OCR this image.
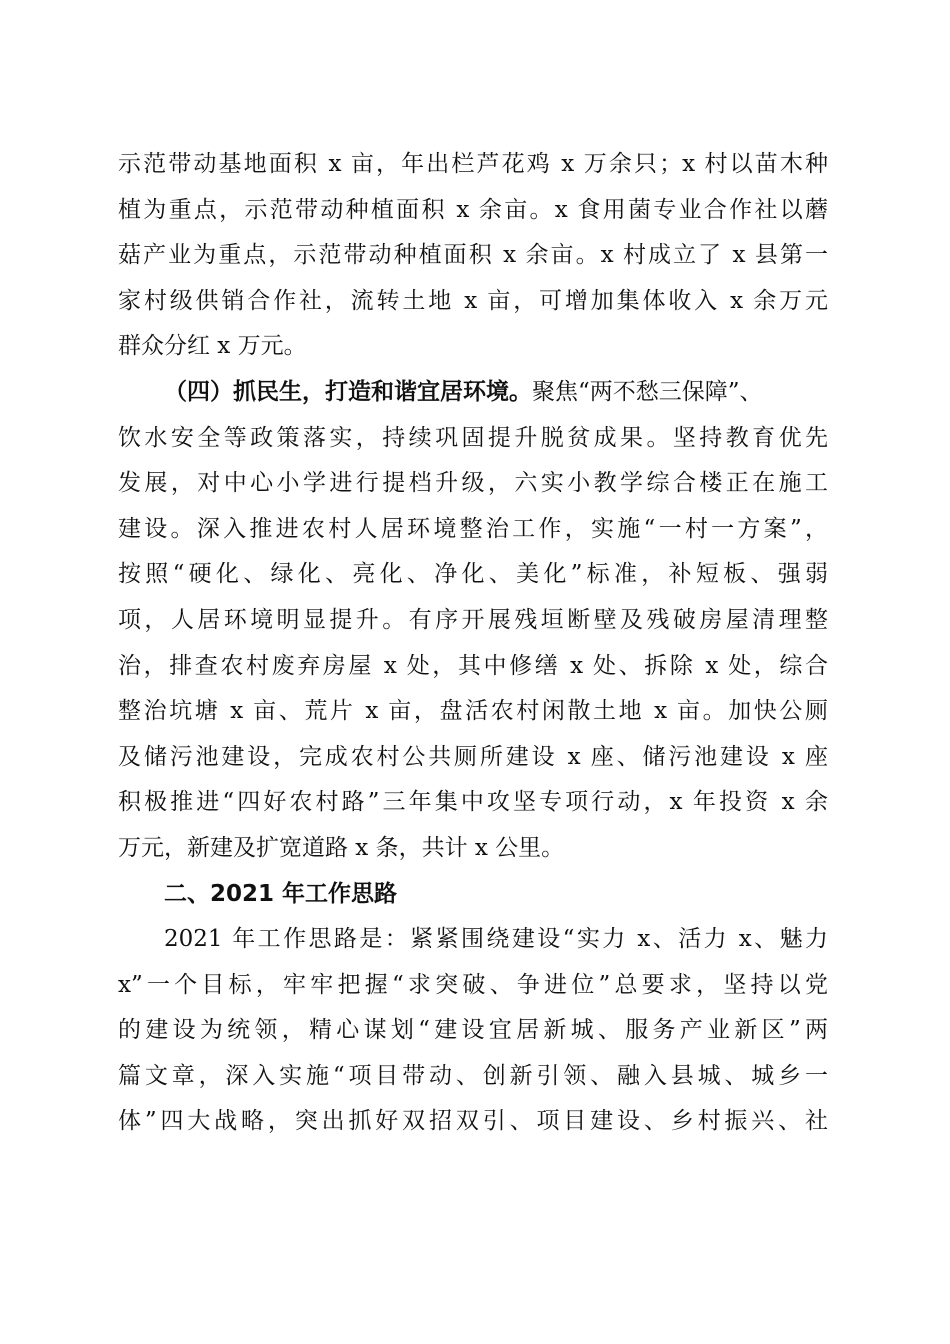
示范带动基地面积 x 亩，年出栏芦花鸡 x 万余只；x 村以苗木种
植为重点，示范带动种植面积 x 余亩。x 食用菌专业合作社以蘑
菇产业为重点，示范带动种植面积 x 余亩。x 村成立了 x 县第一
家村级供销合作社，流转土地 x 亩，可增加集体收入 x 余万元
群众分红 x 万元。
（四）抓民生，打造和谐宜居环境。聚焦“两不愁三保障”、
饮水安全等政策落实，持续巩固提升脱贫成果。坚持教育优先
发展，对中心小学进行提档升级，六实小教学综合楼正在施工
建设。深入推进农村人居环境整治工作，实施“一村一方案”，
按照“硬化、绿化、亮化、净化、美化”标准，补短板、强弱
项，人居环境明显提升。有序开展残垣断壁及残破房屋清理整
治，排查农村废弃房屋 x 处，其中修缮 x 处、拆除 x 处，综合
整治坑塘 x 亩、荒片 x 亩，盘活农村闲散土地 x 亩。加快公厕
及储污池建设，完成农村公共厕所建设 x 座、储污池建设 x 座
积极推进“四好农村路”三年集中攻坚专项行动，x 年投资 x 余
万元，新建及扩宽道路 x 条，共计 x 公里。
二、2021 年工作思路
2021 年工作思路是：紧紧围绕建设“实力 x、活力 x、魅力
x”一个目标，牢牢把握“求突破、争进位”总要求，坚持以党
的建设为统领，精心谋划“建设宜居新城、服务产业新区”两
篇文章，深入实施“项目带动、创新引领、融入县城、城乡一
体”四大战略，突出抓好双招双引、项目建设、乡村振兴、社
